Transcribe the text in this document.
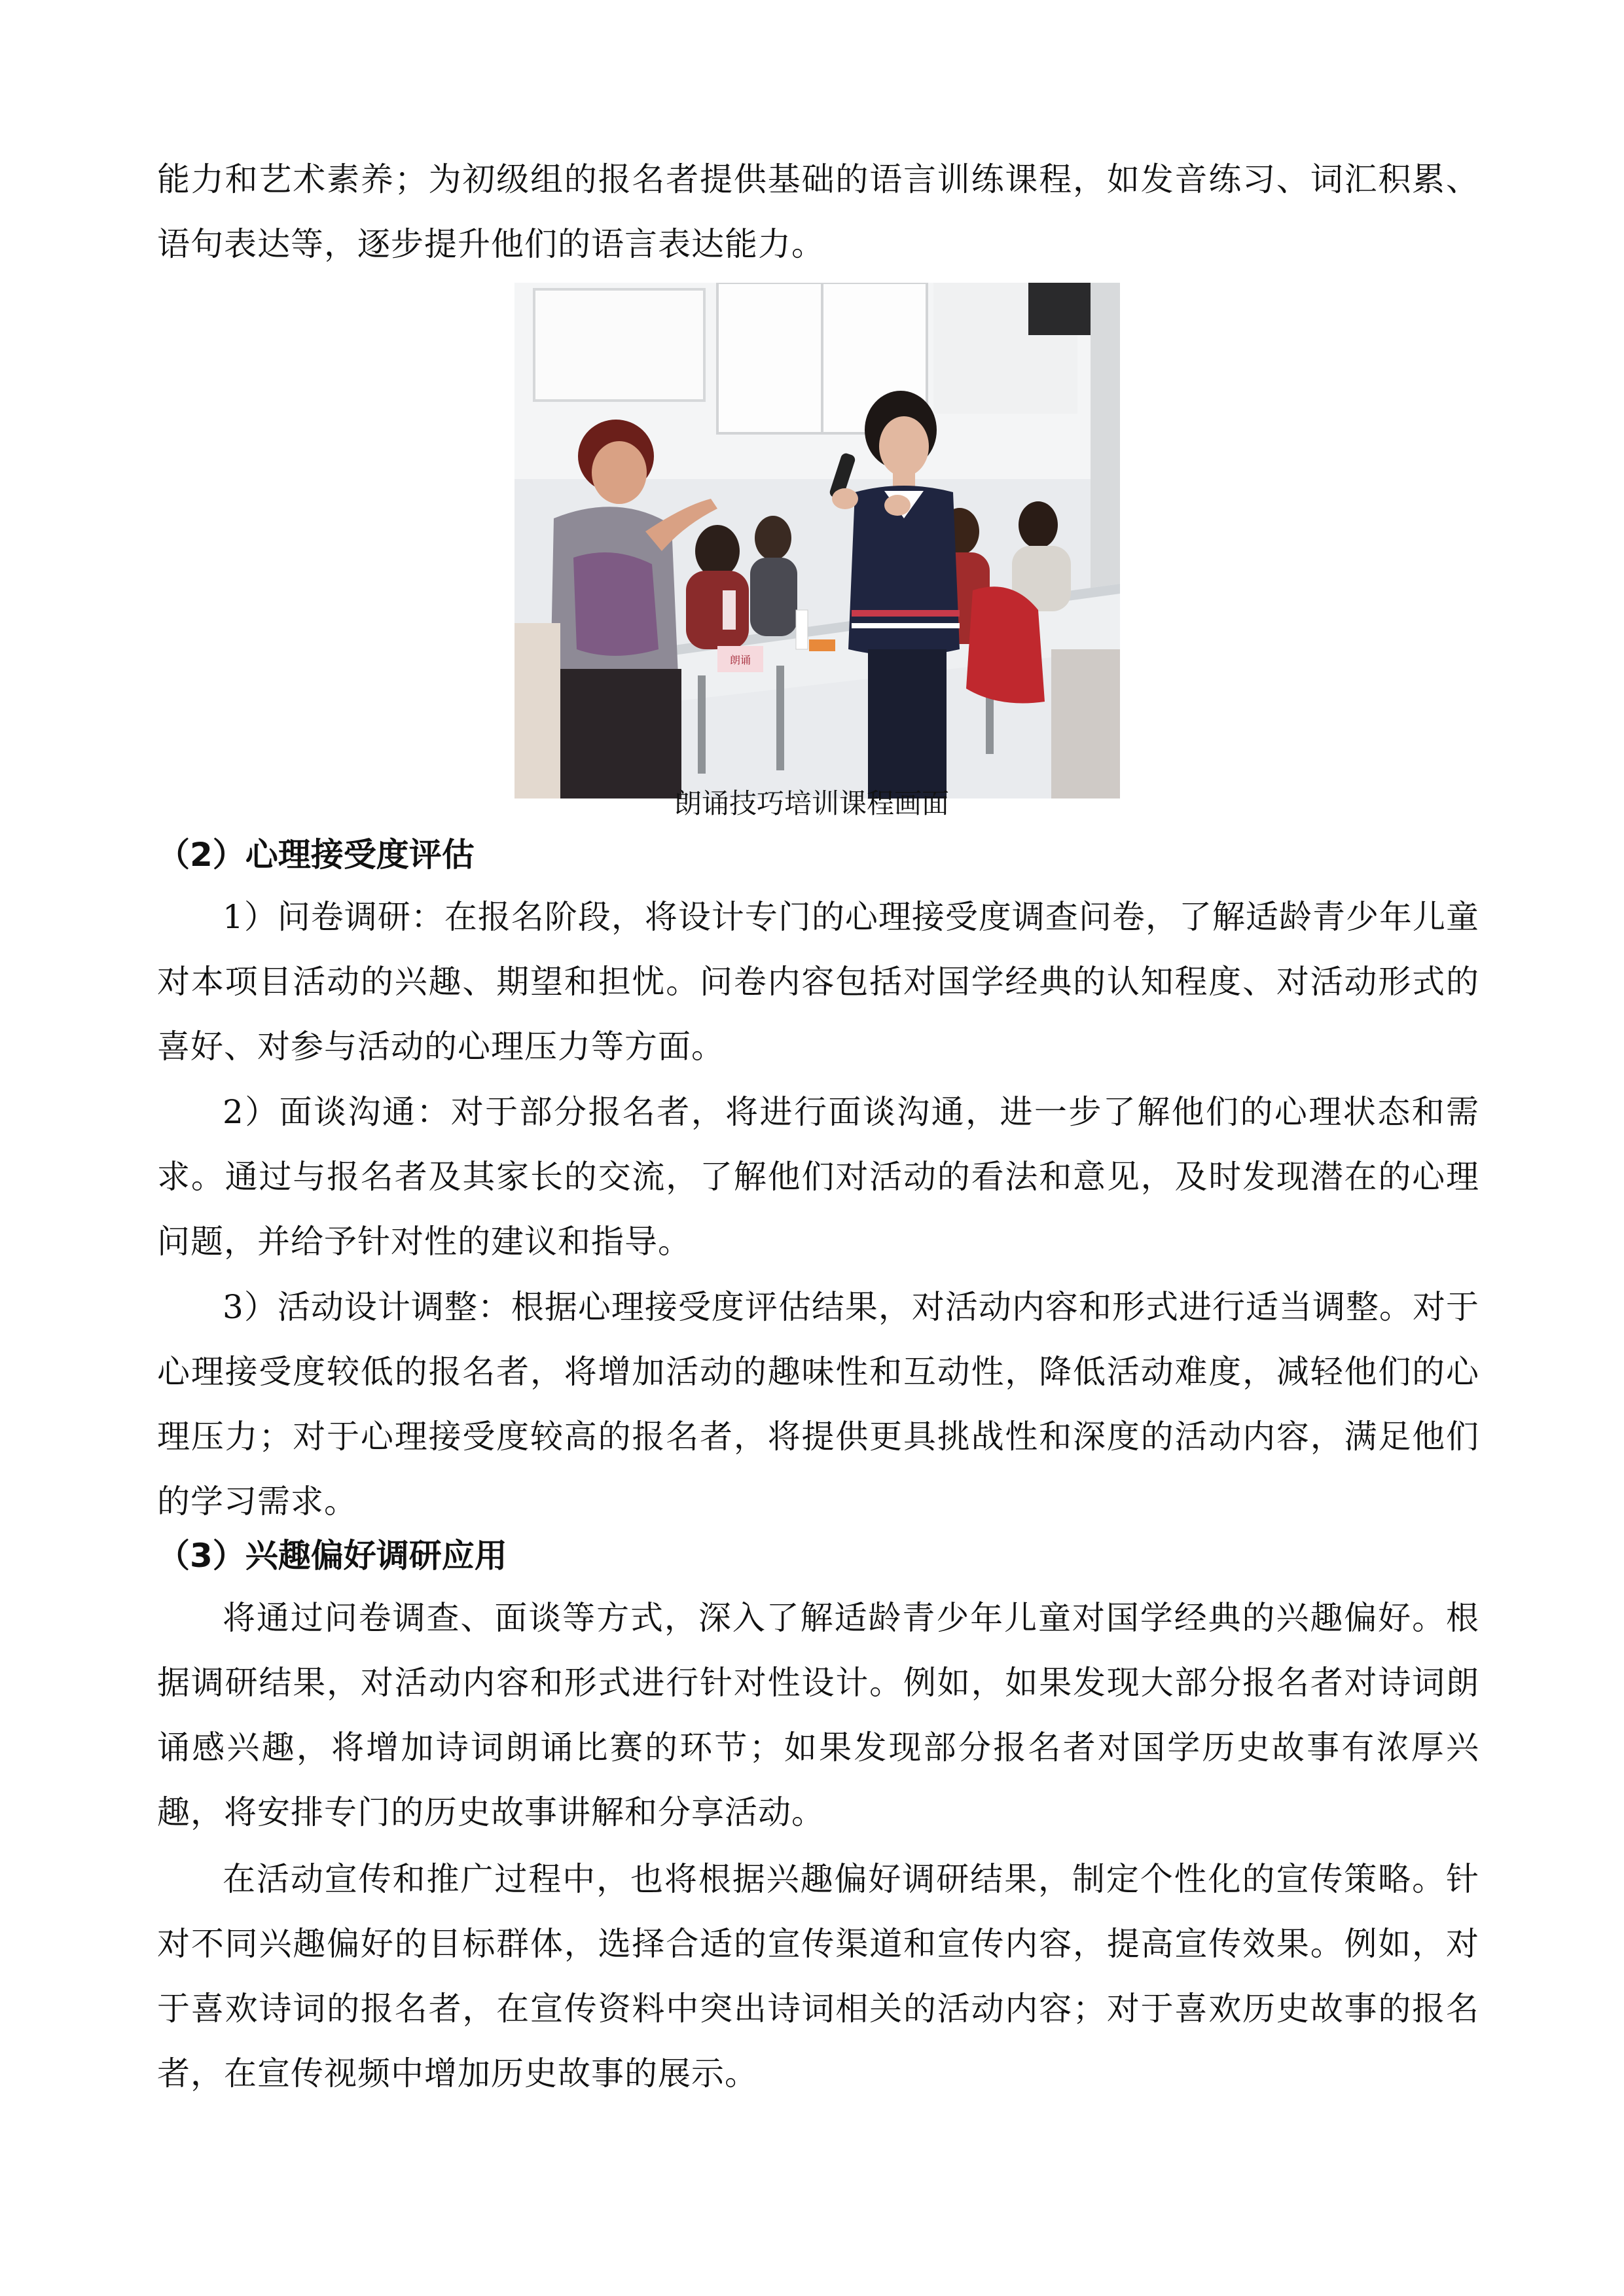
能力和艺术素养；为初级组的报名者提供基础的语言训练课程，如发音练习、词汇积累、语句表达等，逐步提升他们的语言表达能力。

朗诵
朗诵技巧培训课程画面
（2）心理接受度评估

1）问卷调研：在报名阶段，将设计专门的心理接受度调查问卷，了解适龄青少年儿童对本项目活动的兴趣、期望和担忧。问卷内容包括对国学经典的认知程度、对活动形式的喜好、对参与活动的心理压力等方面。

2）面谈沟通：对于部分报名者，将进行面谈沟通，进一步了解他们的心理状态和需求。通过与报名者及其家长的交流，了解他们对活动的看法和意见，及时发现潜在的心理问题，并给予针对性的建议和指导。

3）活动设计调整：根据心理接受度评估结果，对活动内容和形式进行适当调整。对于心理接受度较低的报名者，将增加活动的趣味性和互动性，降低活动难度，减轻他们的心理压力；对于心理接受度较高的报名者，将提供更具挑战性和深度的活动内容，满足他们的学习需求。

（3）兴趣偏好调研应用

将通过问卷调查、面谈等方式，深入了解适龄青少年儿童对国学经典的兴趣偏好。根据调研结果，对活动内容和形式进行针对性设计。例如，如果发现大部分报名者对诗词朗诵感兴趣，将增加诗词朗诵比赛的环节；如果发现部分报名者对国学历史故事有浓厚兴趣，将安排专门的历史故事讲解和分享活动。

在活动宣传和推广过程中，也将根据兴趣偏好调研结果，制定个性化的宣传策略。针对不同兴趣偏好的目标群体，选择合适的宣传渠道和宣传内容，提高宣传效果。例如，对于喜欢诗词的报名者，在宣传资料中突出诗词相关的活动内容；对于喜欢历史故事的报名者，在宣传视频中增加历史故事的展示。
